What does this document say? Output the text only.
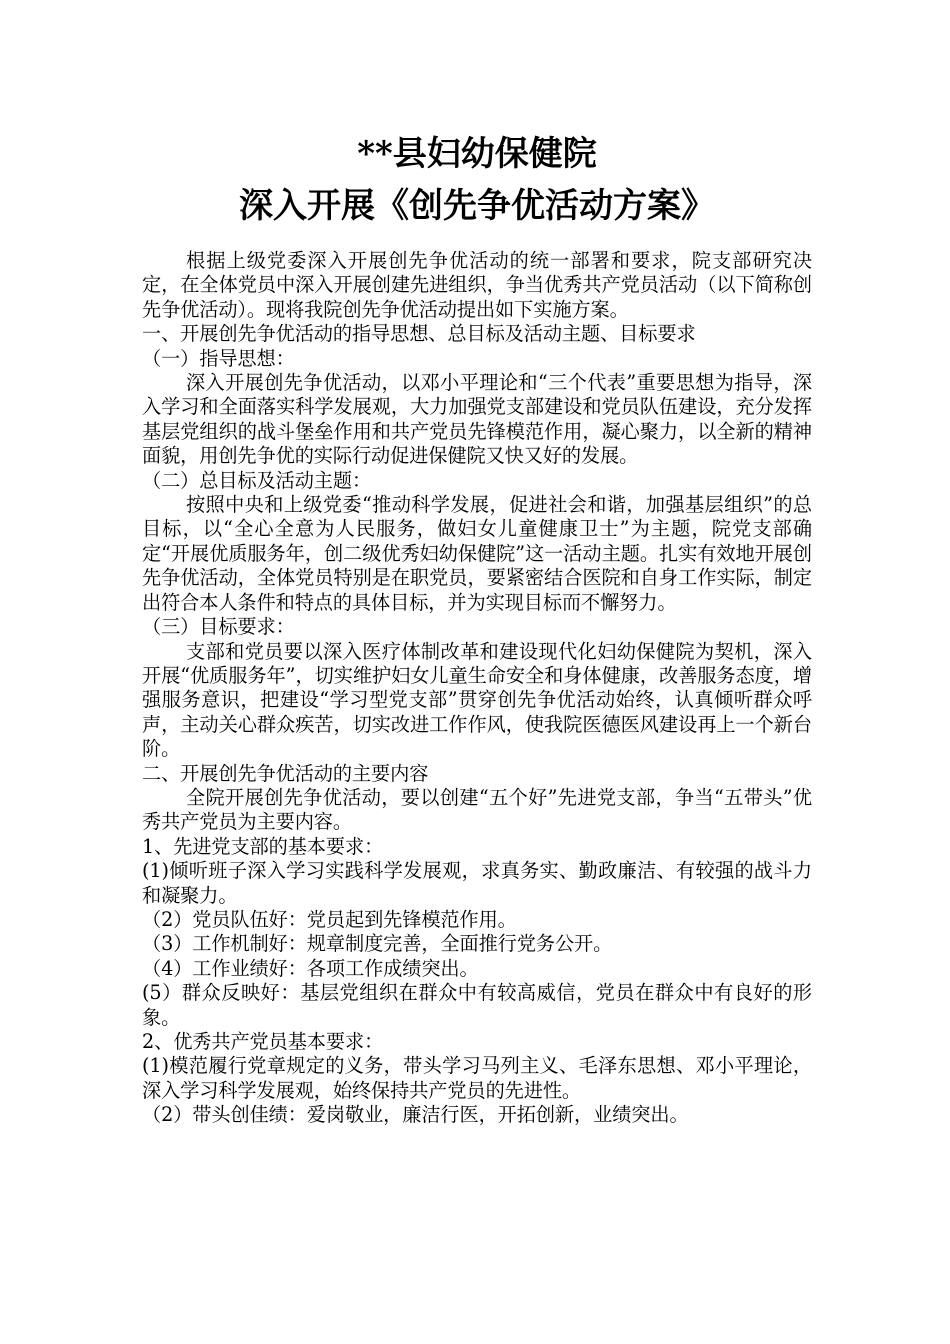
**县妇幼保健院
深入开展《创先争优活动方案》

根据上级党委深入开展创先争优活动的统一部署和要求，院支部研究决定，在全体党员中深入开展创建先进组织，争当优秀共产党员活动（以下简称创先争优活动）。现将我院创先争优活动提出如下实施方案。

一、开展创先争优活动的指导思想、总目标及活动主题、目标要求

（一）指导思想：

深入开展创先争优活动，以邓小平理论和“三个代表”重要思想为指导，深入学习和全面落实科学发展观，大力加强党支部建设和党员队伍建设，充分发挥基层党组织的战斗堡垒作用和共产党员先锋模范作用，凝心聚力，以全新的精神面貌，用创先争优的实际行动促进保健院又快又好的发展。

（二）总目标及活动主题：

按照中央和上级党委“推动科学发展，促进社会和谐，加强基层组织”的总目标，以“全心全意为人民服务，做妇女儿童健康卫士”为主题，院党支部确定“开展优质服务年，创二级优秀妇幼保健院”这一活动主题。扎实有效地开展创先争优活动，全体党员特别是在职党员，要紧密结合医院和自身工作实际，制定出符合本人条件和特点的具体目标，并为实现目标而不懈努力。

（三）目标要求：

支部和党员要以深入医疗体制改革和建设现代化妇幼保健院为契机，深入开展“优质服务年”，切实维护妇女儿童生命安全和身体健康，改善服务态度，增强服务意识，把建设“学习型党支部”贯穿创先争优活动始终，认真倾听群众呼声，主动关心群众疾苦，切实改进工作作风，使我院医德医风建设再上一个新台阶。

二、开展创先争优活动的主要内容

全院开展创先争优活动，要以创建“五个好”先进党支部，争当“五带头”优秀共产党员为主要内容。

1、先进党支部的基本要求：

(1)倾听班子深入学习实践科学发展观，求真务实、勤政廉洁、有较强的战斗力和凝聚力。

（2）党员队伍好：党员起到先锋模范作用。

（3）工作机制好：规章制度完善，全面推行党务公开。

（4）工作业绩好：各项工作成绩突出。

(5）群众反映好：基层党组织在群众中有较高威信，党员在群众中有良好的形象。

2、优秀共产党员基本要求：

(1)模范履行党章规定的义务，带头学习马列主义、毛泽东思想、邓小平理论，深入学习科学发展观，始终保持共产党员的先进性。

（2）带头创佳绩：爱岗敬业，廉洁行医，开拓创新，业绩突出。
